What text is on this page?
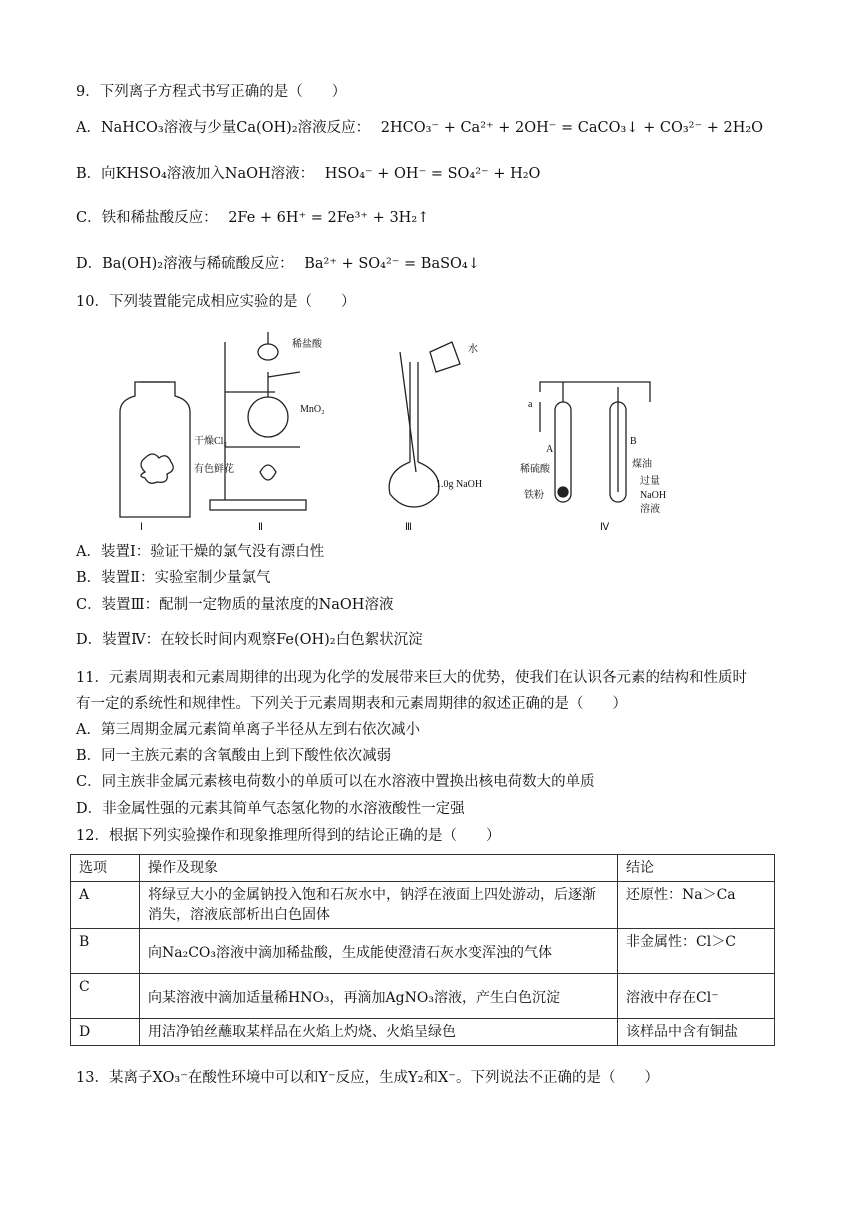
9．下列离子方程式书写正确的是（　　）
A．NaHCO₃溶液与少量Ca(OH)₂溶液反应： 2HCO₃⁻ + Ca²⁺ + 2OH⁻ = CaCO₃↓ + CO₃²⁻ + 2H₂O
B．向KHSO₄溶液加入NaOH溶液： HSO₄⁻ + OH⁻ = SO₄²⁻ + H₂O
C．铁和稀盐酸反应： 2Fe + 6H⁺ = 2Fe³⁺ + 3H₂↑
D．Ba(OH)₂溶液与稀硫酸反应： Ba²⁺ + SO₄²⁻ = BaSO₄↓
10．下列装置能完成相应实验的是（　　）
干燥Cl₂
有色鲜花
Ⅰ
稀盐酸
MnO₂
Ⅱ
水
1.0g NaOH
Ⅲ
a
A
B
稀硫酸
铁粉
煤油
过量
NaOH
溶液
Ⅳ
A．装置Ⅰ：验证干燥的氯气没有漂白性
B．装置Ⅱ：实验室制少量氯气
C．装置Ⅲ：配制一定物质的量浓度的NaOH溶液
D．装置Ⅳ：在较长时间内观察Fe(OH)₂白色絮状沉淀
11．元素周期表和元素周期律的出现为化学的发展带来巨大的优势，使我们在认识各元素的结构和性质时
有一定的系统性和规律性。下列关于元素周期表和元素周期律的叙述正确的是（　　）
A．第三周期金属元素简单离子半径从左到右依次减小
B．同一主族元素的含氧酸由上到下酸性依次减弱
C．同主族非金属元素核电荷数小的单质可以在水溶液中置换出核电荷数大的单质
D．非金属性强的元素其简单气态氢化物的水溶液酸性一定强
12．根据下列实验操作和现象推理所得到的结论正确的是（　　）
选项	操作及现象	结论
A	将绿豆大小的金属钠投入饱和石灰水中，钠浮在液面上四处游动，后逐渐消失，溶液底部析出白色固体	还原性：Na＞Ca
B	向Na₂CO₃溶液中滴加稀盐酸，生成能使澄清石灰水变浑浊的气体	非金属性：Cl＞C
C	向某溶液中滴加适量稀HNO₃，再滴加AgNO₃溶液，产生白色沉淀	溶液中存在Cl⁻
D	用洁净铂丝蘸取某样品在火焰上灼烧、火焰呈绿色	该样品中含有铜盐
13．某离子XO₃⁻在酸性环境中可以和Y⁻反应，生成Y₂和X⁻。下列说法不正确的是（　　）
